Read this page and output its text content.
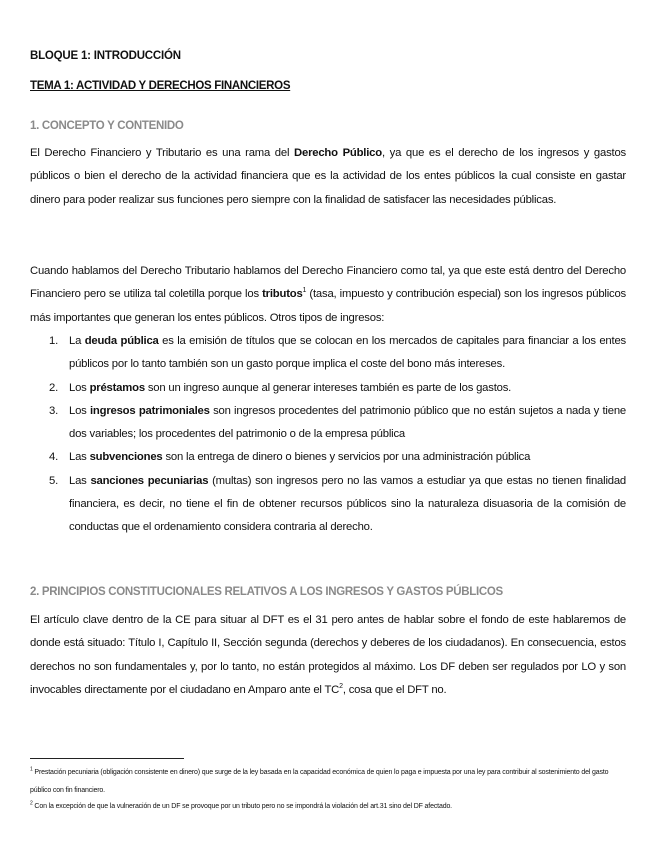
BLOQUE 1: INTRODUCCIÓN
TEMA 1: ACTIVIDAD Y DERECHOS FINANCIEROS
1. CONCEPTO Y CONTENIDO

El Derecho Financiero y Tributario es una rama del Derecho Público, ya que es el derecho de los ingresos y gastos públicos o bien el derecho de la actividad financiera que es la actividad de los entes públicos la cual consiste en gastar dinero para poder realizar sus funciones pero siempre con la finalidad de satisfacer las necesidades públicas.

Cuando hablamos del Derecho Tributario hablamos del Derecho Financiero como tal, ya que este está dentro del Derecho Financiero pero se utiliza tal coletilla porque los tributos$^1$ (tasa, impuesto y contribución especial) son los ingresos públicos más importantes que generan los entes públicos. Otros tipos de ingresos:

1. La deuda pública es la emisión de títulos que se colocan en los mercados de capitales para financiar a los entes públicos por lo tanto también son un gasto porque implica el coste del bono más intereses.
2. Los préstamos son un ingreso aunque al generar intereses también es parte de los gastos.
3. Los ingresos patrimoniales son ingresos procedentes del patrimonio público que no están sujetos a nada y tiene dos variables; los procedentes del patrimonio o de la empresa pública
4. Las subvenciones son la entrega de dinero o bienes y servicios por una administración pública
5. Las sanciones pecuniarias (multas) son ingresos pero no las vamos a estudiar ya que estas no tienen finalidad financiera, es decir, no tiene el fin de obtener recursos públicos sino la naturaleza disuasoria de la comisión de conductas que el ordenamiento considera contraria al derecho.
2. PRINCIPIOS CONSTITUCIONALES RELATIVOS A LOS INGRESOS Y GASTOS PÚBLICOS

El artículo clave dentro de la CE para situar al DFT es el 31 pero antes de hablar sobre el fondo de este hablaremos de donde está situado: Título I, Capítulo II, Sección segunda (derechos y deberes de los ciudadanos). En consecuencia, estos derechos no son fundamentales y, por lo tanto, no están protegidos al máximo. Los DF deben ser regulados por LO y son invocables directamente por el ciudadano en Amparo ante el $TC^2$, cosa que el DFT no.

$^1$ Prestación pecuniaria (obligación consistente en dinero) que surge de la ley basada en la capacidad económica de quien lo paga e impuesta por una ley para contribuir al sostenimiento del gasto público con fin financiero.
$^2$ Con la excepción de que la vulneración de un DF se provoque por un tributo pero no se impondrá la violación del art.31 sino del DF afectado.
